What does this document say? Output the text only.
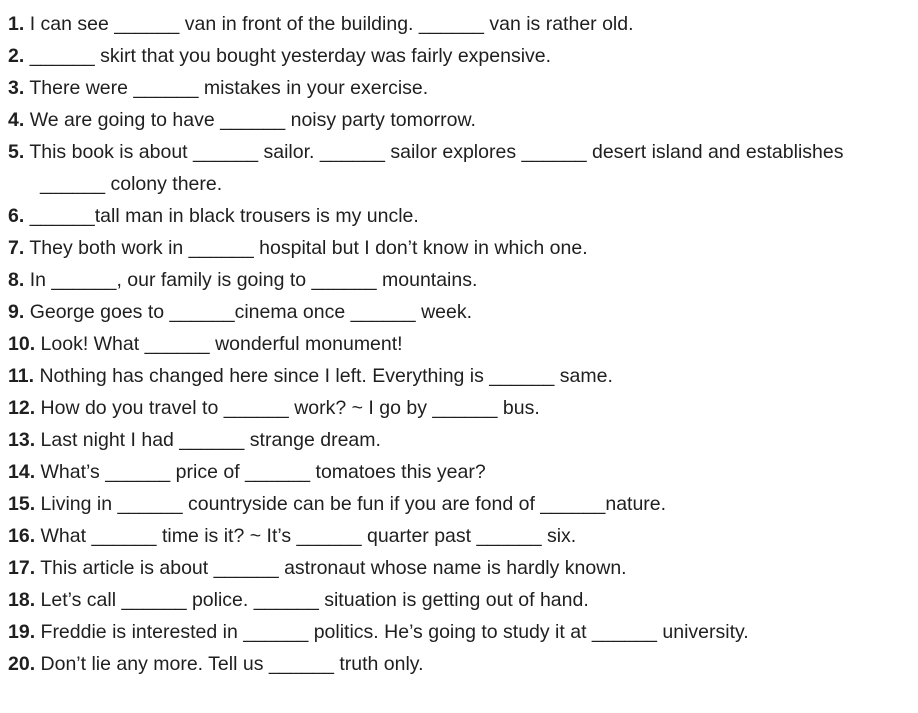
1. I can see ______ van in front of the building. ______ van is rather old.
2. ______ skirt that you bought yesterday was fairly expensive.
3. There were ______ mistakes in your exercise.
4. We are going to have ______ noisy party tomorrow.
5. This book is about ______ sailor. ______ sailor explores ______ desert island and establishes
______ colony there.
6. ______tall man in black trousers is my uncle.
7. They both work in ______ hospital but I don’t know in which one.
8. In ______, our family is going to ______ mountains.
9. George goes to ______cinema once ______ week.
10. Look! What ______ wonderful monument!
11. Nothing has changed here since I left. Everything is ______ same.
12. How do you travel to ______ work? ~ I go by ______ bus.
13. Last night I had ______ strange dream.
14. What’s ______ price of ______ tomatoes this year?
15. Living in ______ countryside can be fun if you are fond of ______nature.
16. What ______ time is it? ~ It’s ______ quarter past ______ six.
17. This article is about ______ astronaut whose name is hardly known.
18. Let’s call ______ police. ______ situation is getting out of hand.
19. Freddie is interested in ______ politics. He’s going to study it at ______ university.
20. Don’t lie any more. Tell us ______ truth only.
